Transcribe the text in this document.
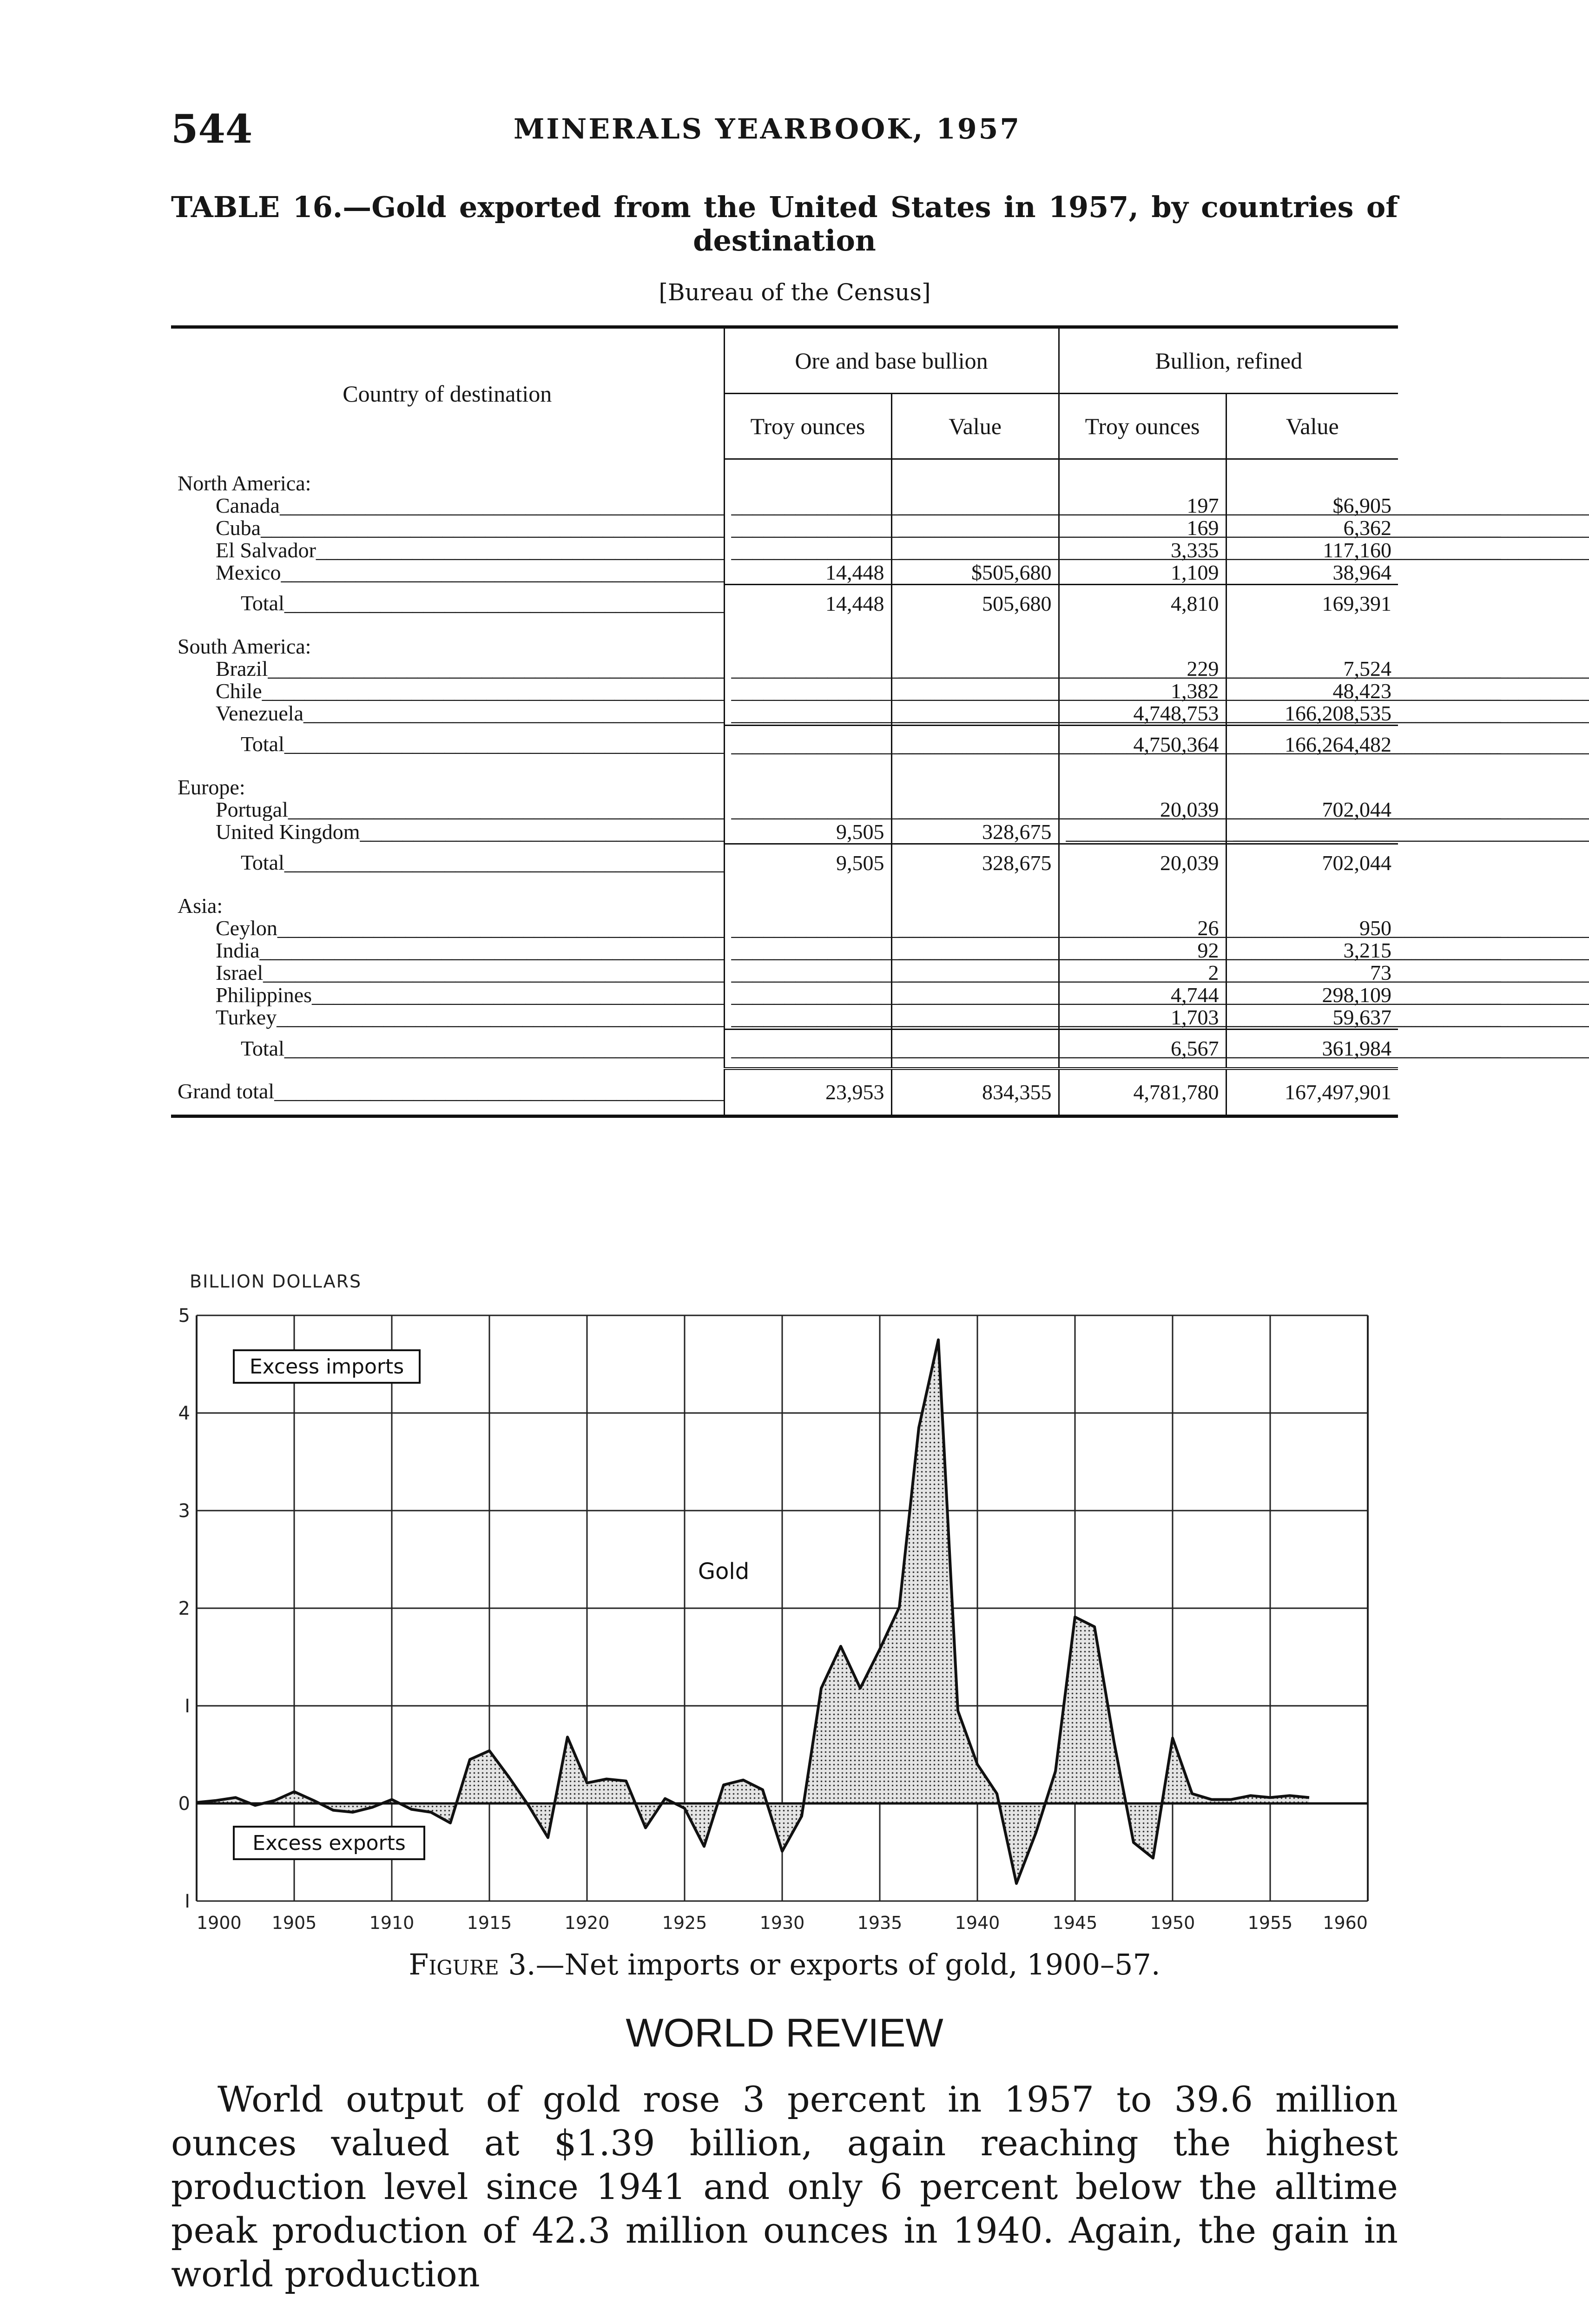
544	MINERALS YEARBOOK, 1957
TABLE 16.—Gold exported from the United States in 1957, by countries of
destination
[Bureau of the Census]
Country of destination	Ore and base bullion		Bullion, refined	
	Troy ounces	Value	Troy ounces	Value
North America:				
Canada _____	_____	_____	197	$6,905
Cuba _____	_____	_____	169	6,362
El Salvador _____	_____	_____	3,335	117,160
Mexico _____	14,448	$505,680	1,109	38,964
Total _____	14,448	505,680	4,810	169,391
South America:				
Brazil _____	_____	_____	229	7,524
Chile _____	_____	_____	1,382	48,423
Venezuela _____	_____	_____	4,748,753	166,208,535
Total _____	_____	_____	4,750,364	166,264,482
Europe:				
Portugal _____	_____	_____	20,039	702,044
United Kingdom _____	9,505	328,675	_____	_____
Total _____	9,505	328,675	20,039	702,044
Asia:				
Ceylon _____	_____	_____	26	950
India _____	_____	_____	92	3,215
Israel _____	_____	_____	2	73
Philippines _____	_____	_____	4,744	298,109
Turkey _____	_____	_____	1,703	59,637
Total _____	_____	_____	6,567	361,984
Grand total _____	23,953	834,355	4,781,780	167,497,901
BILLION DOLLARS
1900 1905	1910	1915	1920	1925	1930	1935	1940	1945	1950	1955 1960
I
0
I
2
3
4
5
Excess imports
Excess exports
Gold
Figure 3.—Net imports or exports of gold, 1900–57.
WORLD REVIEW

World output of gold rose 3 percent in 1957 to 39.6 million ounces valued at $1.39 billion, again reaching the highest production level since 1941 and only 6 percent below the alltime peak production of 42.3 million ounces in 1940. Again, the gain in world production
